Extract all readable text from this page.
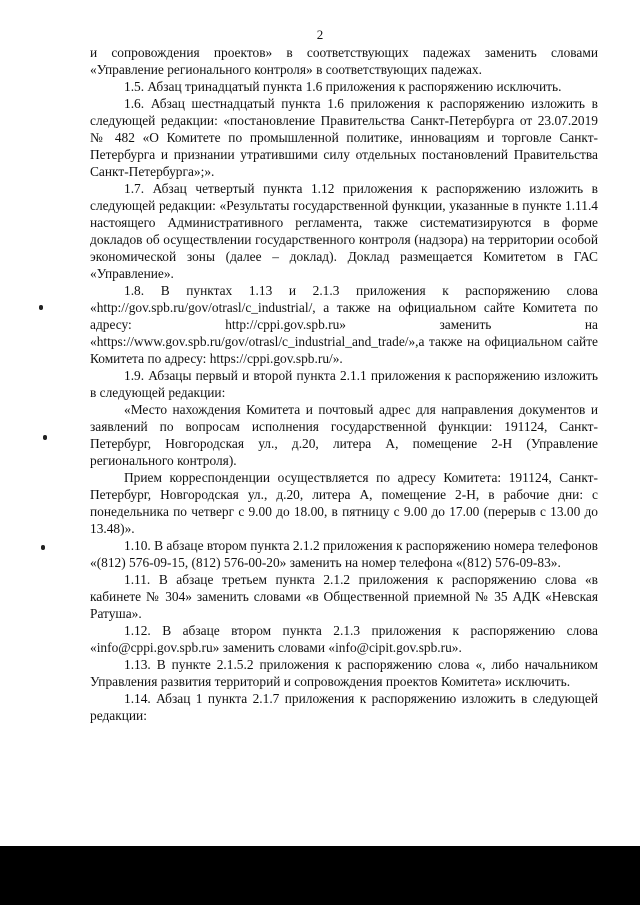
2

и сопровождения проектов» в соответствующих падежах заменить словами «Управление регионального контроля» в соответствующих падежах.

1.5. Абзац тринадцатый пункта 1.6 приложения к распоряжению исключить.

1.6. Абзац шестнадцатый пункта 1.6 приложения к распоряжению изложить в следующей редакции: «постановление Правительства Санкт-Петербурга от 23.07.2019 № 482 «О Комитете по промышленной политике, инновациям и торговле Санкт-Петербурга и признании утратившими силу отдельных постановлений Правительства Санкт-Петербурга»;».

1.7. Абзац четвертый пункта 1.12 приложения к распоряжению изложить в следующей редакции: «Результаты государственной функции, указанные в пункте 1.11.4 настоящего Административного регламента, также систематизируются в форме докладов об осуществлении государственного контроля (надзора) на территории особой экономической зоны (далее – доклад). Доклад размещается Комитетом в ГАС «Управление».

1.8. В пунктах 1.13 и 2.1.3 приложения к распоряжению слова «http://gov.spb.ru/gov/otrasl/c_industrial/, а также на официальном сайте Комитета по адресу: http://cppi.gov.spb.ru» заменить на «https://www.gov.spb.ru/gov/otrasl/c_industrial_and_trade/»,а также на официальном сайте Комитета по адресу: https://cppi.gov.spb.ru/».

1.9. Абзацы первый и второй пункта 2.1.1 приложения к распоряжению изложить в следующей редакции:

«Место нахождения Комитета и почтовый адрес для направления документов и заявлений по вопросам исполнения государственной функции: 191124, Санкт-Петербург, Новгородская ул., д.20, литера А, помещение 2-Н (Управление регионального контроля).

Прием корреспонденции осуществляется по адресу Комитета: 191124, Санкт-Петербург, Новгородская ул., д.20, литера А, помещение 2-Н, в рабочие дни: с понедельника по четверг с 9.00 до 18.00, в пятницу с 9.00 до 17.00 (перерыв с 13.00 до 13.48)».

1.10. В абзаце втором пункта 2.1.2 приложения к распоряжению номера телефонов «(812) 576-09-15, (812) 576-00-20» заменить на номер телефона «(812) 576-09-83».

1.11. В абзаце третьем пункта 2.1.2 приложения к распоряжению слова «в кабинете № 304» заменить словами «в Общественной приемной № 35 АДК «Невская Ратуша».

1.12. В абзаце втором пункта 2.1.3 приложения к распоряжению слова «info@cppi.gov.spb.ru» заменить словами «info@cipit.gov.spb.ru».

1.13. В пункте 2.1.5.2 приложения к распоряжению слова «, либо начальником Управления развития территорий и сопровождения проектов Комитета» исключить.

1.14. Абзац 1 пункта 2.1.7 приложения к распоряжению изложить в следующей редакции:
